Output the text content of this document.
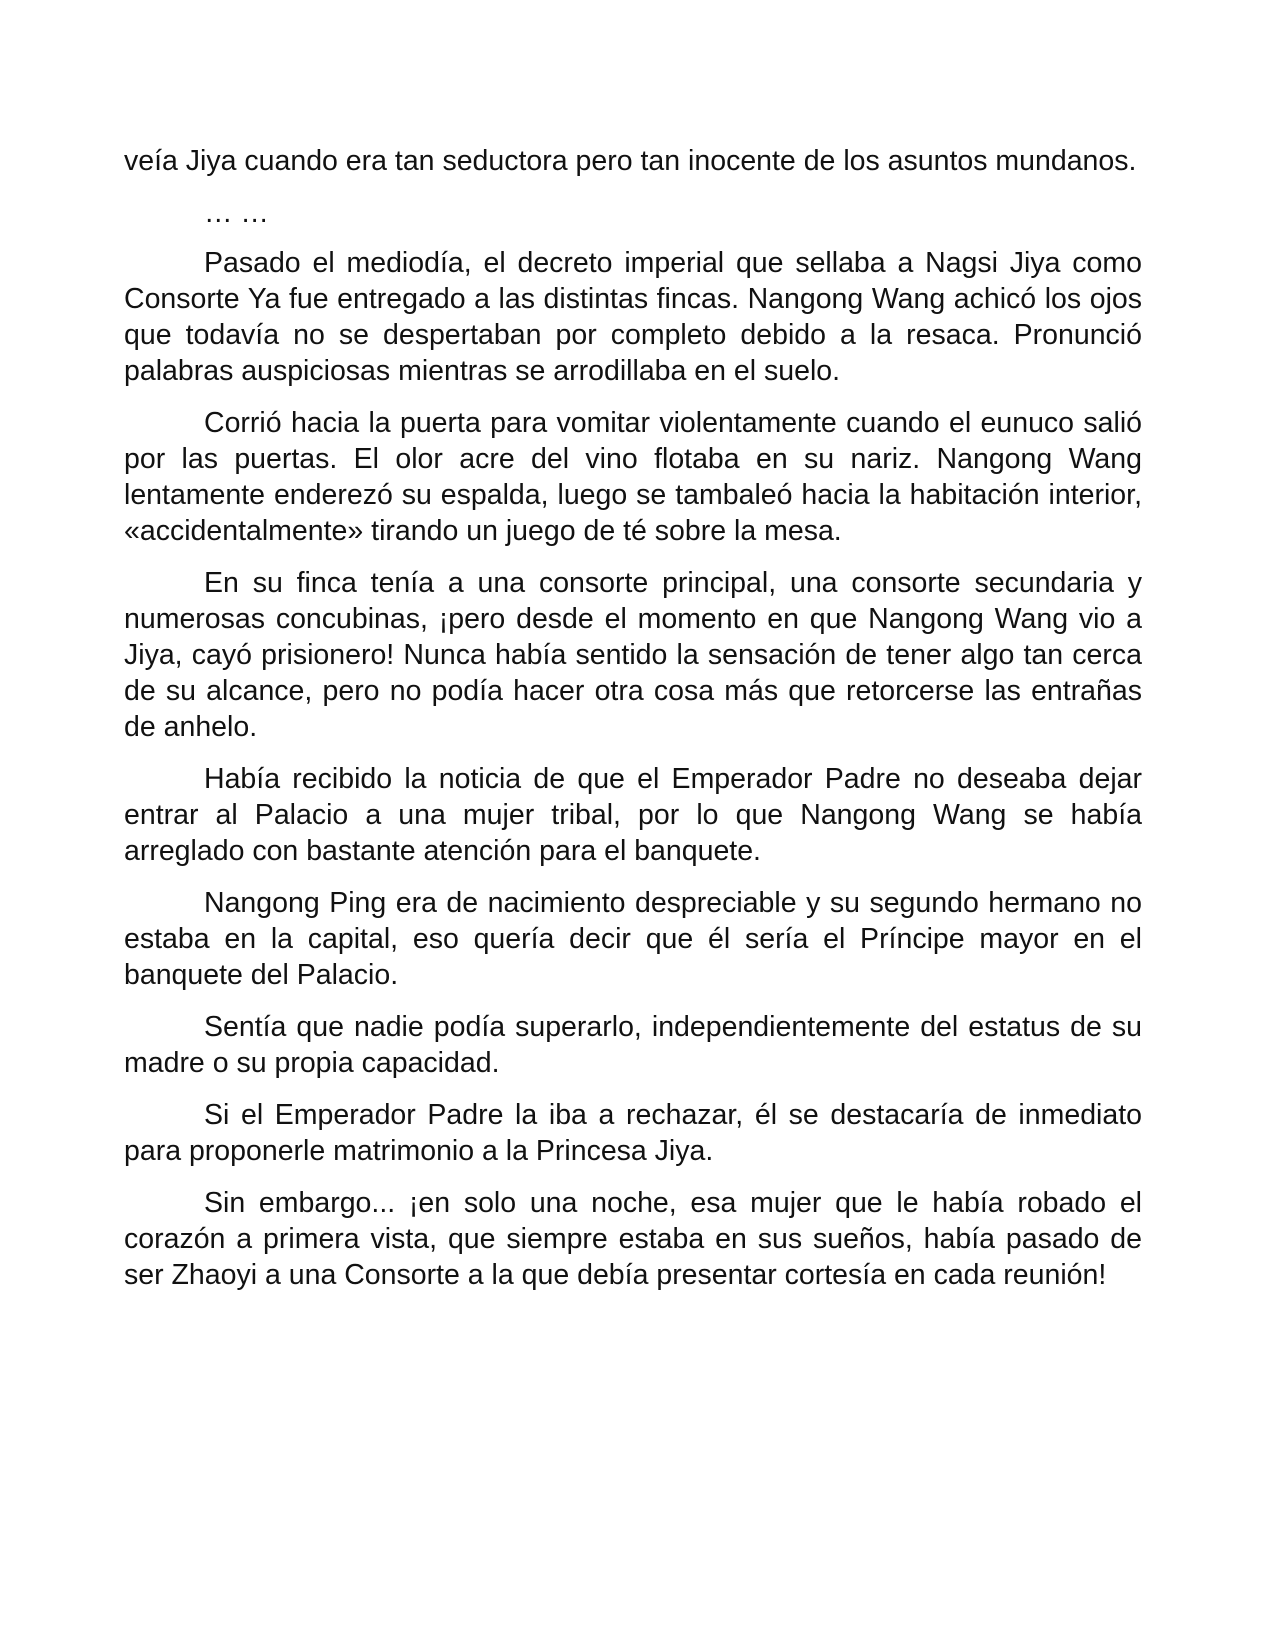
veía Jiya cuando era tan seductora pero tan inocente de los asuntos mundanos.

… …

Pasado el mediodía, el decreto imperial que sellaba a Nagsi Jiya como Consorte Ya fue entregado a las distintas fincas. Nangong Wang achicó los ojos que todavía no se despertaban por completo debido a la resaca. Pronunció palabras auspiciosas mientras se arrodillaba en el suelo.

Corrió hacia la puerta para vomitar violentamente cuando el eunuco salió por las puertas. El olor acre del vino flotaba en su nariz. Nangong Wang lentamente enderezó su espalda, luego se tambaleó hacia la habitación interior, «accidentalmente» tirando un juego de té sobre la mesa.

En su finca tenía a una consorte principal, una consorte secundaria y numerosas concubinas, ¡pero desde el momento en que Nangong Wang vio a Jiya, cayó prisionero! Nunca había sentido la sensación de tener algo tan cerca de su alcance, pero no podía hacer otra cosa más que retorcerse las entrañas de anhelo.

Había recibido la noticia de que el Emperador Padre no deseaba dejar entrar al Palacio a una mujer tribal, por lo que Nangong Wang se había arreglado con bastante atención para el banquete.

Nangong Ping era de nacimiento despreciable y su segundo hermano no estaba en la capital, eso quería decir que él sería el Príncipe mayor en el banquete del Palacio.

Sentía que nadie podía superarlo, independientemente del estatus de su madre o su propia capacidad.

Si el Emperador Padre la iba a rechazar, él se destacaría de inmediato para proponerle matrimonio a la Princesa Jiya.

Sin embargo... ¡en solo una noche, esa mujer que le había robado el corazón a primera vista, que siempre estaba en sus sueños, había pasado de ser Zhaoyi a una Consorte a la que debía presentar cortesía en cada reunión!
